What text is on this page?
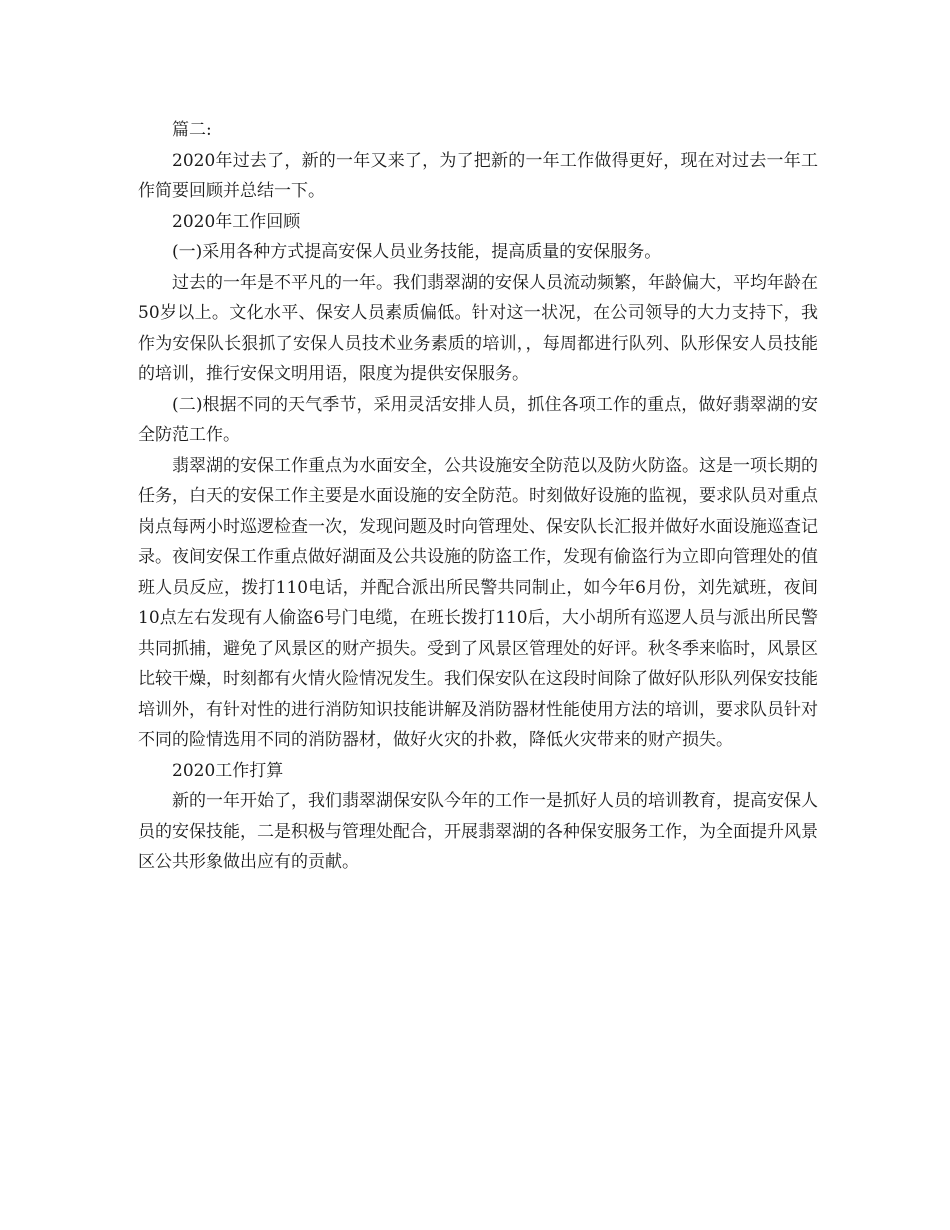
篇二:

2020年过去了，新的一年又来了，为了把新的一年工作做得更好，现在对过去一年工作简要回顾并总结一下。

2020年工作回顾

(一)采用各种方式提高安保人员业务技能，提高质量的安保服务。

过去的一年是不平凡的一年。我们翡翠湖的安保人员流动频繁，年龄偏大，平均年龄在50岁以上。文化水平、保安人员素质偏低。针对这一状况，在公司领导的大力支持下，我作为安保队长狠抓了安保人员技术业务素质的培训，，每周都进行队列、队形保安人员技能的培训，推行安保文明用语，限度为提供安保服务。

(二)根据不同的天气季节，采用灵活安排人员，抓住各项工作的重点，做好翡翠湖的安全防范工作。

翡翠湖的安保工作重点为水面安全，公共设施安全防范以及防火防盗。这是一项长期的任务，白天的安保工作主要是水面设施的安全防范。时刻做好设施的监视，要求队员对重点岗点每两小时巡逻检查一次，发现问题及时向管理处、保安队长汇报并做好水面设施巡查记录。夜间安保工作重点做好湖面及公共设施的防盗工作，发现有偷盗行为立即向管理处的值班人员反应，拨打110电话，并配合派出所民警共同制止，如今年6月份，刘先斌班，夜间10点左右发现有人偷盗6号门电缆，在班长拨打110后，大小胡所有巡逻人员与派出所民警共同抓捕，避免了风景区的财产损失。受到了风景区管理处的好评。秋冬季来临时，风景区比较干燥，时刻都有火情火险情况发生。我们保安队在这段时间除了做好队形队列保安技能培训外，有针对性的进行消防知识技能讲解及消防器材性能使用方法的培训，要求队员针对不同的险情选用不同的消防器材，做好火灾的扑救，降低火灾带来的财产损失。

2020工作打算

新的一年开始了，我们翡翠湖保安队今年的工作一是抓好人员的培训教育，提高安保人员的安保技能，二是积极与管理处配合，开展翡翠湖的各种保安服务工作，为全面提升风景区公共形象做出应有的贡献。
